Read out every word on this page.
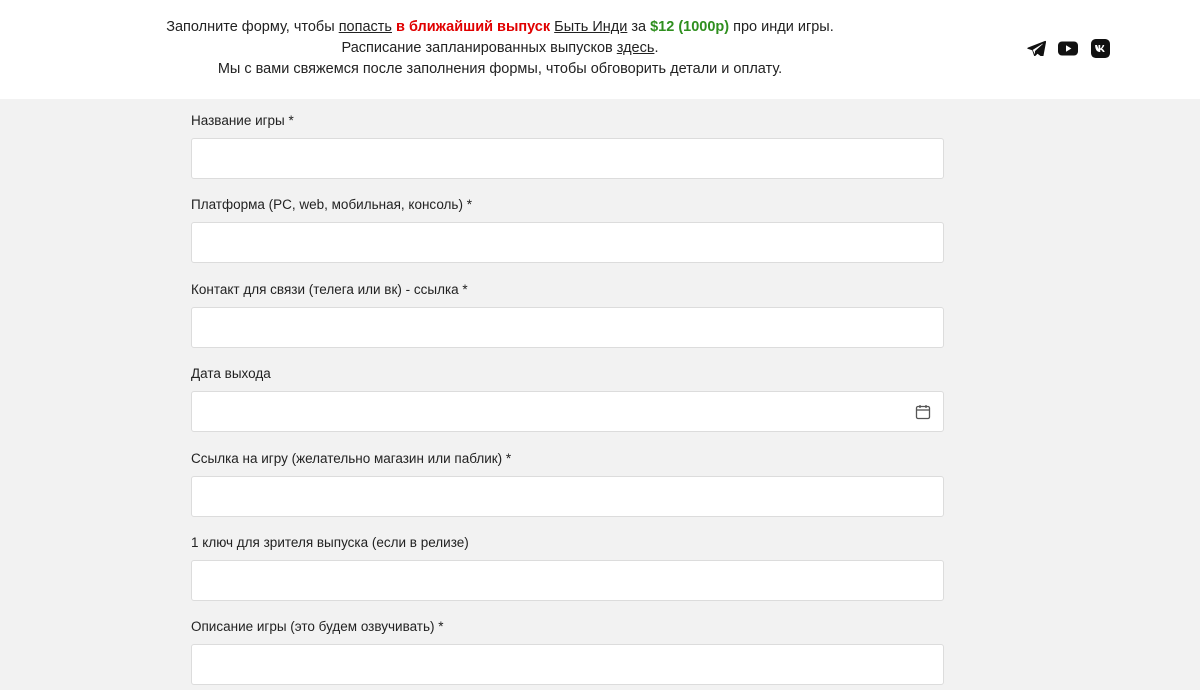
Заполните форму, чтобы попасть в ближайший выпуск Быть Инди за $12 (1000р) про инди игры.
Расписание запланированных выпусков здесь.
Мы с вами свяжемся после заполнения формы, чтобы обговорить детали и оплату.
Название игры *
Платформа (PC, web, мобильная, консоль) *
Контакт для связи (телега или вк) - ссылка *
Дата выхода
Ссылка на игру (желательно магазин или паблик) *
1 ключ для зрителя выпуска (если в релизе)
Описание игры (это будем озвучивать) *
